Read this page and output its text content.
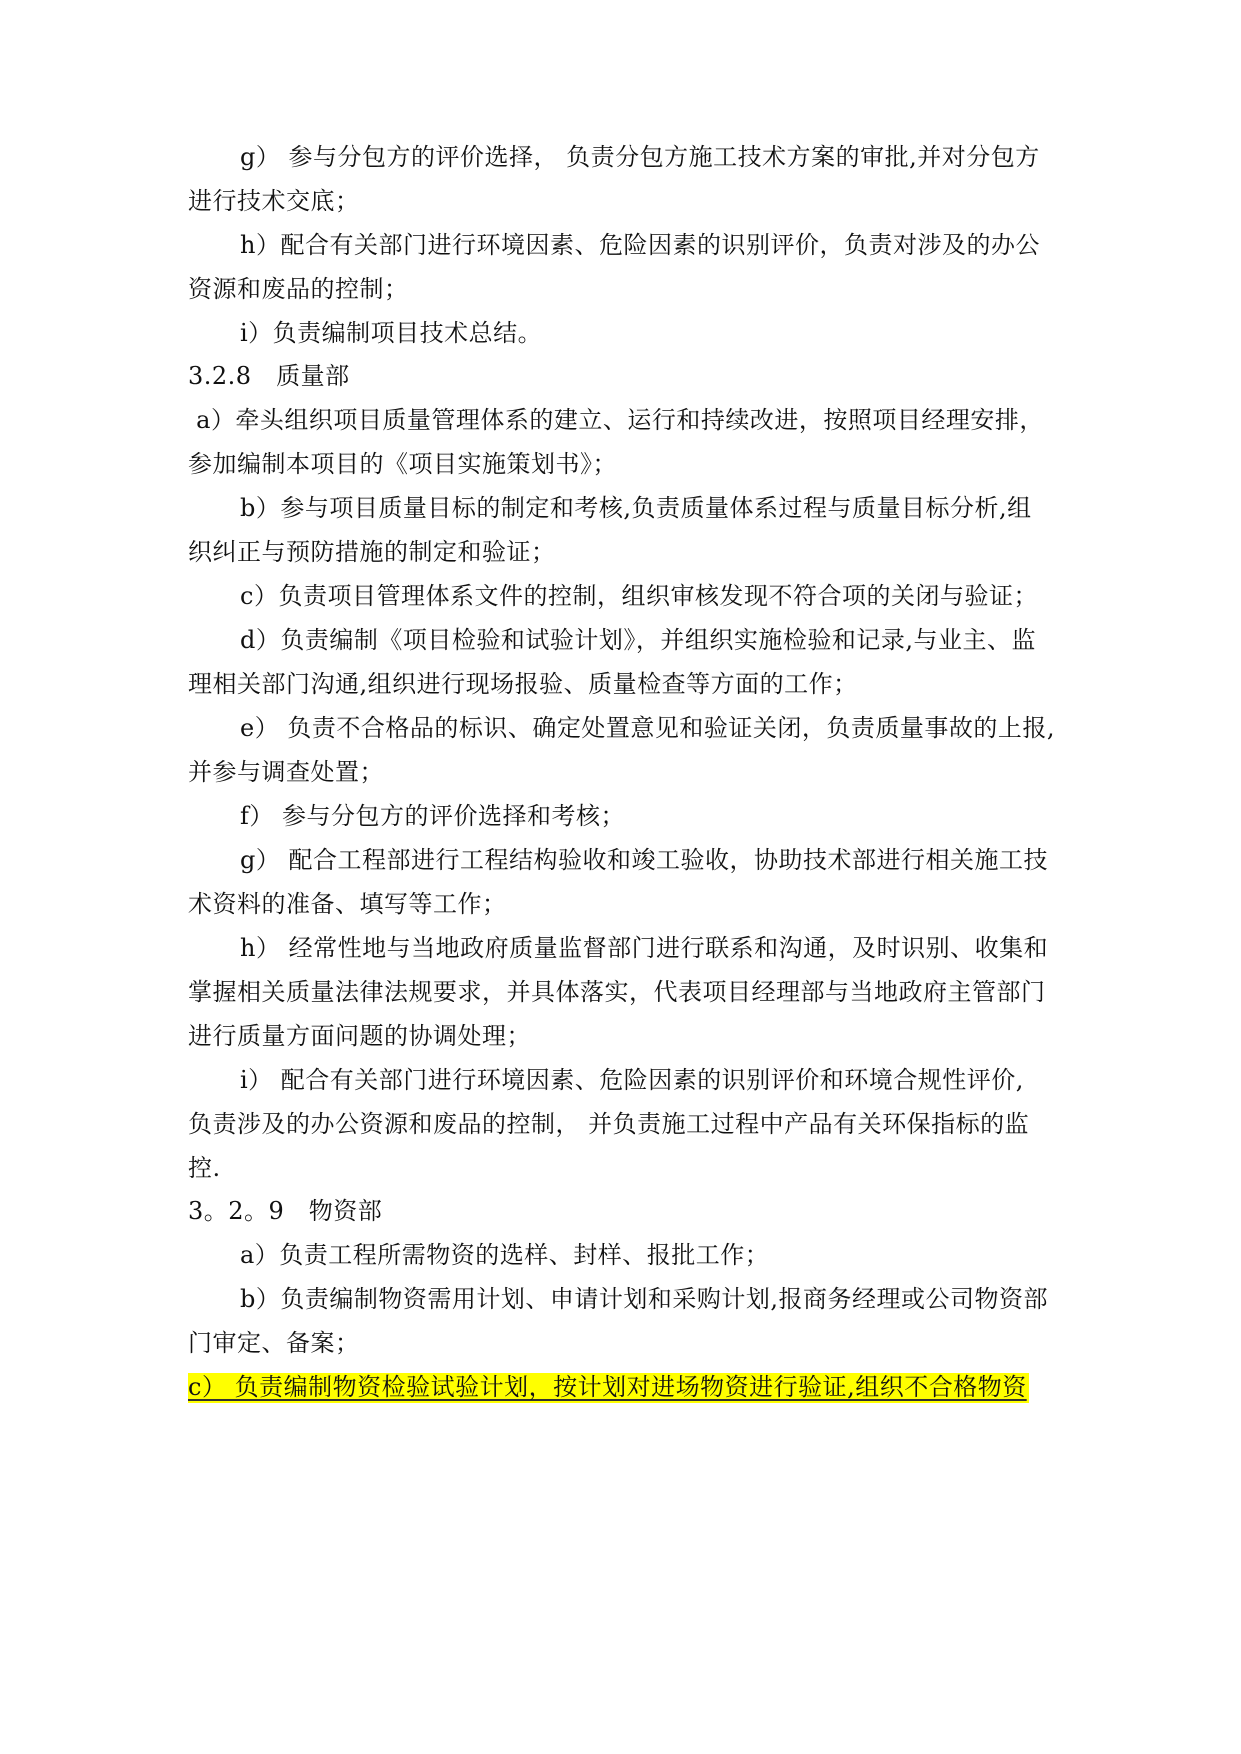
g） 参与分包方的评价选择， 负责分包方施工技术方案的审批,并对分包方
进行技术交底；
h）配合有关部门进行环境因素、危险因素的识别评价，负责对涉及的办公
资源和废品的控制；
i）负责编制项目技术总结。
3.2.8　质量部
a）牵头组织项目质量管理体系的建立、运行和持续改进，按照项目经理安排，
参加编制本项目的《项目实施策划书》；
b）参与项目质量目标的制定和考核,负责质量体系过程与质量目标分析,组
织纠正与预防措施的制定和验证；
c）负责项目管理体系文件的控制，组织审核发现不符合项的关闭与验证；
d）负责编制《项目检验和试验计划》，并组织实施检验和记录,与业主、监
理相关部门沟通,组织进行现场报验、质量检查等方面的工作；
e） 负责不合格品的标识、确定处置意见和验证关闭，负责质量事故的上报,
并参与调查处置；
f） 参与分包方的评价选择和考核；
g） 配合工程部进行工程结构验收和竣工验收，协助技术部进行相关施工技
术资料的准备、填写等工作；
h） 经常性地与当地政府质量监督部门进行联系和沟通，及时识别、收集和
掌握相关质量法律法规要求，并具体落实，代表项目经理部与当地政府主管部门
进行质量方面问题的协调处理；
i） 配合有关部门进行环境因素、危险因素的识别评价和环境合规性评价,
负责涉及的办公资源和废品的控制， 并负责施工过程中产品有关环保指标的监
控.
3。2。9　物资部
a）负责工程所需物资的选样、封样、报批工作；
b）负责编制物资需用计划、申请计划和采购计划,报商务经理或公司物资部
门审定、备案；
c） 负责编制物资检验试验计划，按计划对进场物资进行验证,组织不合格物资
